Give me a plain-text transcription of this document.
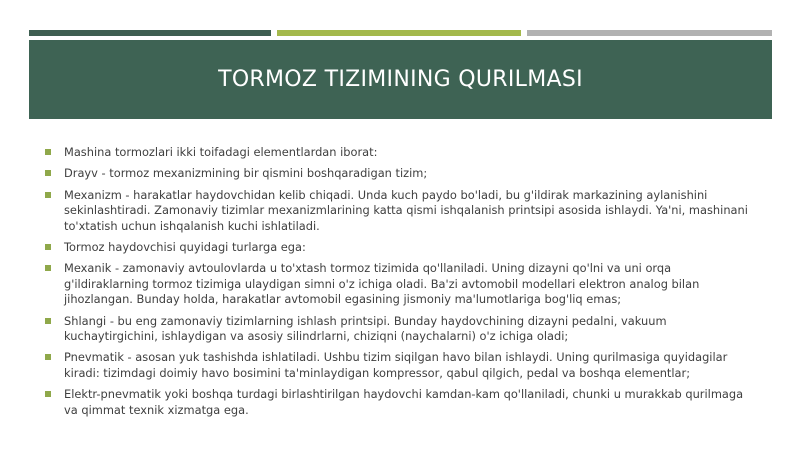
TORMOZ TIZIMINING QURILMASI
Mashina tormozlari ikki toifadagi elementlardan iborat:
Drayv - tormoz mexanizmining bir qismini boshqaradigan tizim;
Mexanizm - harakatlar haydovchidan kelib chiqadi. Unda kuch paydo bo'ladi, bu g'ildirak markazining aylanishini sekinlashtiradi. Zamonaviy tizimlar mexanizmlarining katta qismi ishqalanish printsipi asosida ishlaydi. Ya'ni, mashinani to'xtatish uchun ishqalanish kuchi ishlatiladi.
Tormoz haydovchisi quyidagi turlarga ega:
Mexanik - zamonaviy avtoulovlarda u to'xtash tormoz tizimida qo'llaniladi. Uning dizayni qo'lni va uni orqa g'ildiraklarning tormoz tizimiga ulaydigan simni o'z ichiga oladi. Ba'zi avtomobil modellari elektron analog bilan jihozlangan. Bunday holda, harakatlar avtomobil egasining jismoniy ma'lumotlariga bog'liq emas;
Shlangi - bu eng zamonaviy tizimlarning ishlash printsipi. Bunday haydovchining dizayni pedalni, vakuum kuchaytirgichini, ishlaydigan va asosiy silindrlarni, chiziqni (naychalarni) o'z ichiga oladi;
Pnevmatik - asosan yuk tashishda ishlatiladi. Ushbu tizim siqilgan havo bilan ishlaydi. Uning qurilmasiga quyidagilar kiradi: tizimdagi doimiy havo bosimini ta'minlaydigan kompressor, qabul qilgich, pedal va boshqa elementlar;
Elektr-pnevmatik yoki boshqa turdagi birlashtirilgan haydovchi kamdan-kam qo'llaniladi, chunki u murakkab qurilmaga va qimmat texnik xizmatga ega.
